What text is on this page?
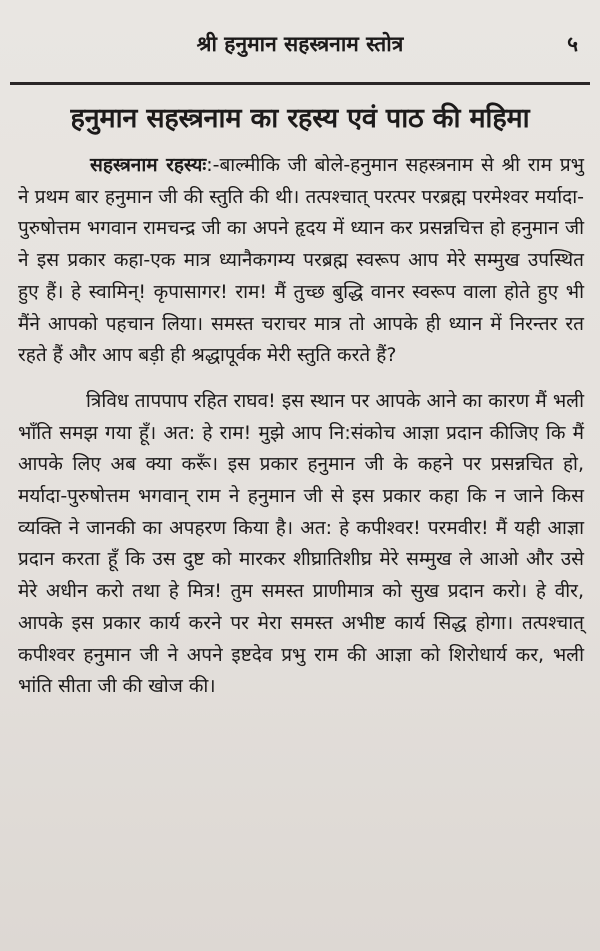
श्री हनुमान सहस्त्रनाम स्तोत्र	५
हनुमान सहस्त्रनाम का रहस्य एवं पाठ की महिमा

सहस्त्रनाम रहस्यः:-बाल्मीकि जी बोले-हनुमान सहस्त्रनाम से श्री राम प्रभु ने प्रथम बार हनुमान जी की स्तुति की थी। तत्पश्चात् परत्पर परब्रह्म परमेश्वर मर्यादा-पुरुषोत्तम भगवान रामचन्द्र जी का अपने हृदय में ध्यान कर प्रसन्नचित्त हो हनुमान जी ने इस प्रकार कहा-एक मात्र ध्यानैकगम्य परब्रह्म स्वरूप आप मेरे सम्मुख उपस्थित हुए हैं। हे स्वामिन्! कृपासागर! राम! मैं तुच्छ बुद्धि वानर स्वरूप वाला होते हुए भी मैंने आपको पहचान लिया। समस्त चराचर मात्र तो आपके ही ध्यान में निरन्तर रत रहते हैं और आप बड़ी ही श्रद्धापूर्वक मेरी स्तुति करते हैं?

त्रिविध तापपाप रहित राघव! इस स्थान पर आपके आने का कारण मैं भली भाँति समझ गया हूँ। अत: हे राम! मुझे आप नि:संकोच आज्ञा प्रदान कीजिए कि मैं आपके लिए अब क्या करूँ। इस प्रकार हनुमान जी के कहने पर प्रसन्नचित हो, मर्यादा-पुरुषोत्तम भगवान् राम ने हनुमान जी से इस प्रकार कहा कि न जाने किस व्यक्ति ने जानकी का अपहरण किया है। अत: हे कपीश्वर! परमवीर! मैं यही आज्ञा प्रदान करता हूँ कि उस दुष्ट को मारकर शीघ्रातिशीघ्र मेरे सम्मुख ले आओ और उसे मेरे अधीन करो तथा हे मित्र! तुम समस्त प्राणीमात्र को सुख प्रदान करो। हे वीर, आपके इस प्रकार कार्य करने पर मेरा समस्त अभीष्ट कार्य सिद्ध होगा। तत्पश्चात् कपीश्वर हनुमान जी ने अपने इष्टदेव प्रभु राम की आज्ञा को शिरोधार्य कर, भली भांति सीता जी की खोज की।
